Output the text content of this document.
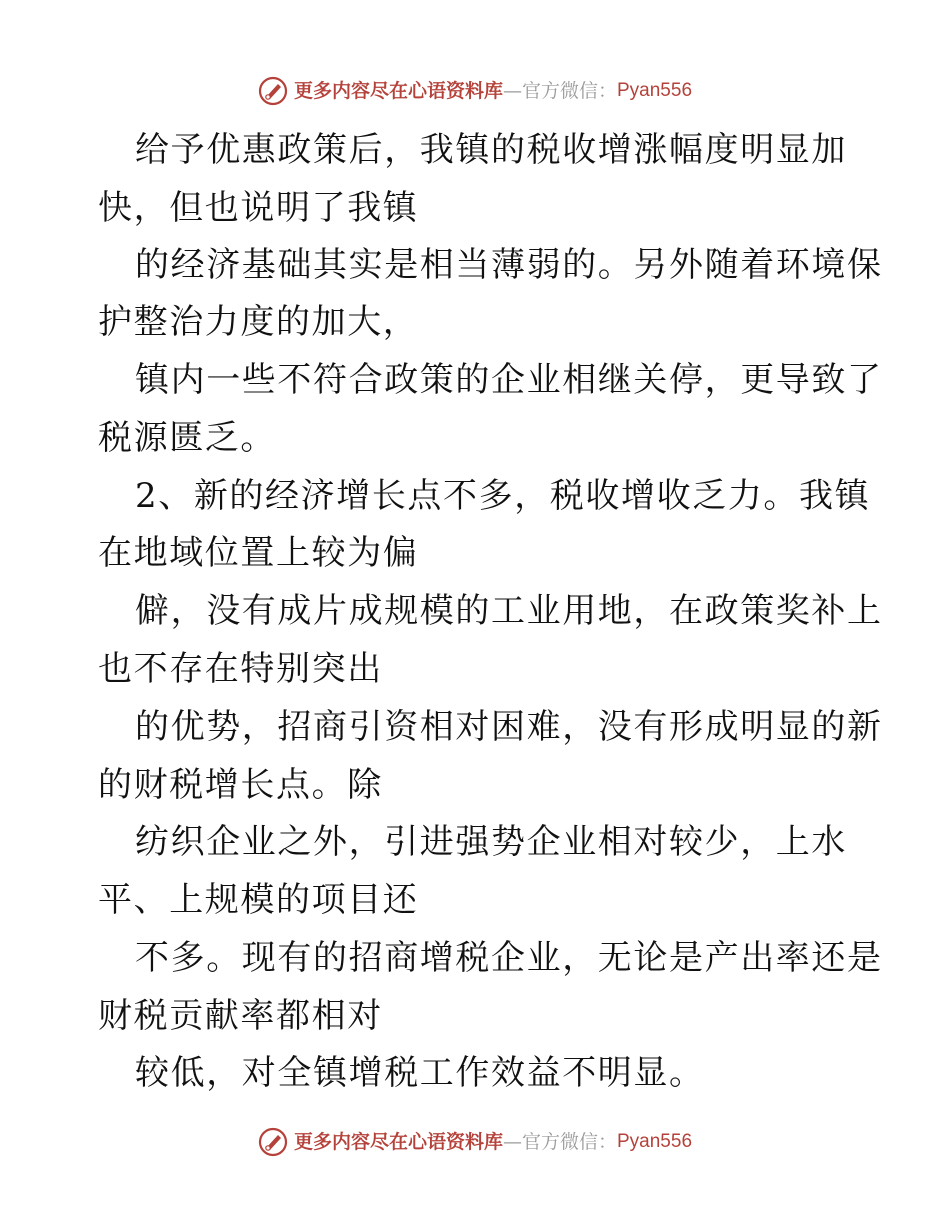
更多内容尽在心语资料库 — 官方微信： Pyan556
给予优惠政策后，我镇的税收增涨幅度明显加
快，但也说明了我镇
的经济基础其实是相当薄弱的。另外随着环境保
护整治力度的加大，
镇内一些不符合政策的企业相继关停，更导致了
税源匮乏。
2、新的经济增长点不多，税收增收乏力。我镇
在地域位置上较为偏
僻，没有成片成规模的工业用地，在政策奖补上
也不存在特别突出
的优势，招商引资相对困难，没有形成明显的新
的财税增长点。除
纺织企业之外，引进强势企业相对较少，上水
平、上规模的项目还
不多。现有的招商增税企业，无论是产出率还是
财税贡献率都相对
较低，对全镇增税工作效益不明显。
更多内容尽在心语资料库 — 官方微信： Pyan556
